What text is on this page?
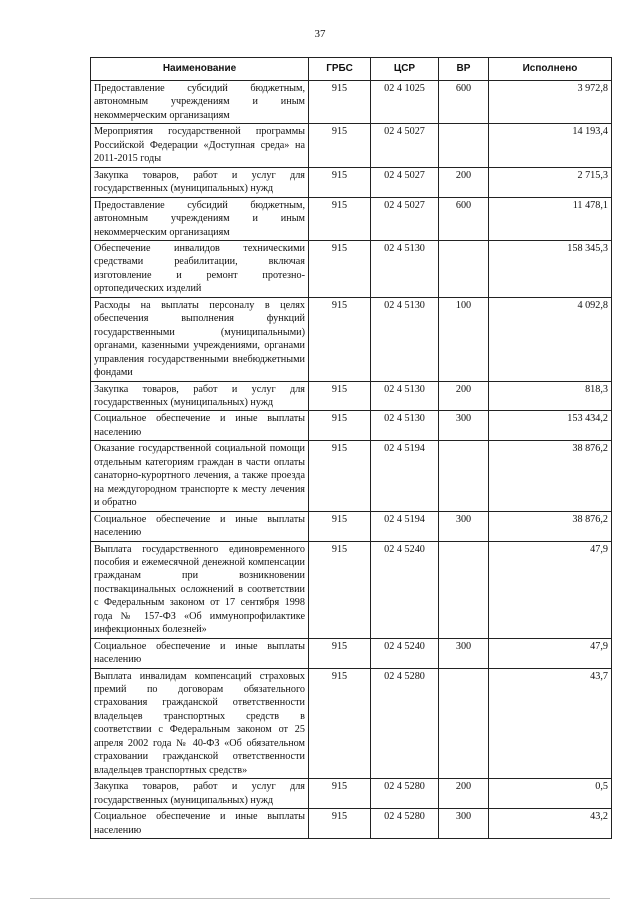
37
Наименование	ГРБС	ЦСР	ВР	Исполнено
Предоставление субсидий бюджетным, автономным учреждениям и иным некоммерческим организациям	915	02 4 1025	600	3 972,8
Мероприятия государственной программы Российской Федерации «Доступная среда» на 2011-2015 годы	915	02 4 5027		14 193,4
Закупка товаров, работ и услуг для государственных (муниципальных) нужд	915	02 4 5027	200	2 715,3
Предоставление субсидий бюджетным, автономным учреждениям и иным некоммерческим организациям	915	02 4 5027	600	11 478,1
Обеспечение инвалидов техническими средствами реабилитации, включая изготовление и ремонт протезно-ортопедических изделий	915	02 4 5130		158 345,3
Расходы на выплаты персоналу в целях обеспечения выполнения функций государственными (муниципальными) органами, казенными учреждениями, органами управления государственными внебюджетными фондами	915	02 4 5130	100	4 092,8
Закупка товаров, работ и услуг для государственных (муниципальных) нужд	915	02 4 5130	200	818,3
Социальное обеспечение и иные выплаты населению	915	02 4 5130	300	153 434,2
Оказание государственной социальной помощи отдельным категориям граждан в части оплаты санаторно-курортного лечения, а также проезда на междугородном транспорте к месту лечения и обратно	915	02 4 5194		38 876,2
Социальное обеспечение и иные выплаты населению	915	02 4 5194	300	38 876,2
Выплата государственного единовременного пособия и ежемесячной денежной компенсации гражданам при возникновении поствакцинальных осложнений в соответствии с Федеральным законом от 17 сентября 1998 года № 157-ФЗ «Об иммунопрофилактике инфекционных болезней»	915	02 4 5240		47,9
Социальное обеспечение и иные выплаты населению	915	02 4 5240	300	47,9
Выплата инвалидам компенсаций страховых премий по договорам обязательного страхования гражданской ответственности владельцев транспортных средств в соответствии с Федеральным законом от 25 апреля 2002 года № 40-ФЗ «Об обязательном страховании гражданской ответственности владельцев транспортных средств»	915	02 4 5280		43,7
Закупка товаров, работ и услуг для государственных (муниципальных) нужд	915	02 4 5280	200	0,5
Социальное обеспечение и иные выплаты населению	915	02 4 5280	300	43,2
